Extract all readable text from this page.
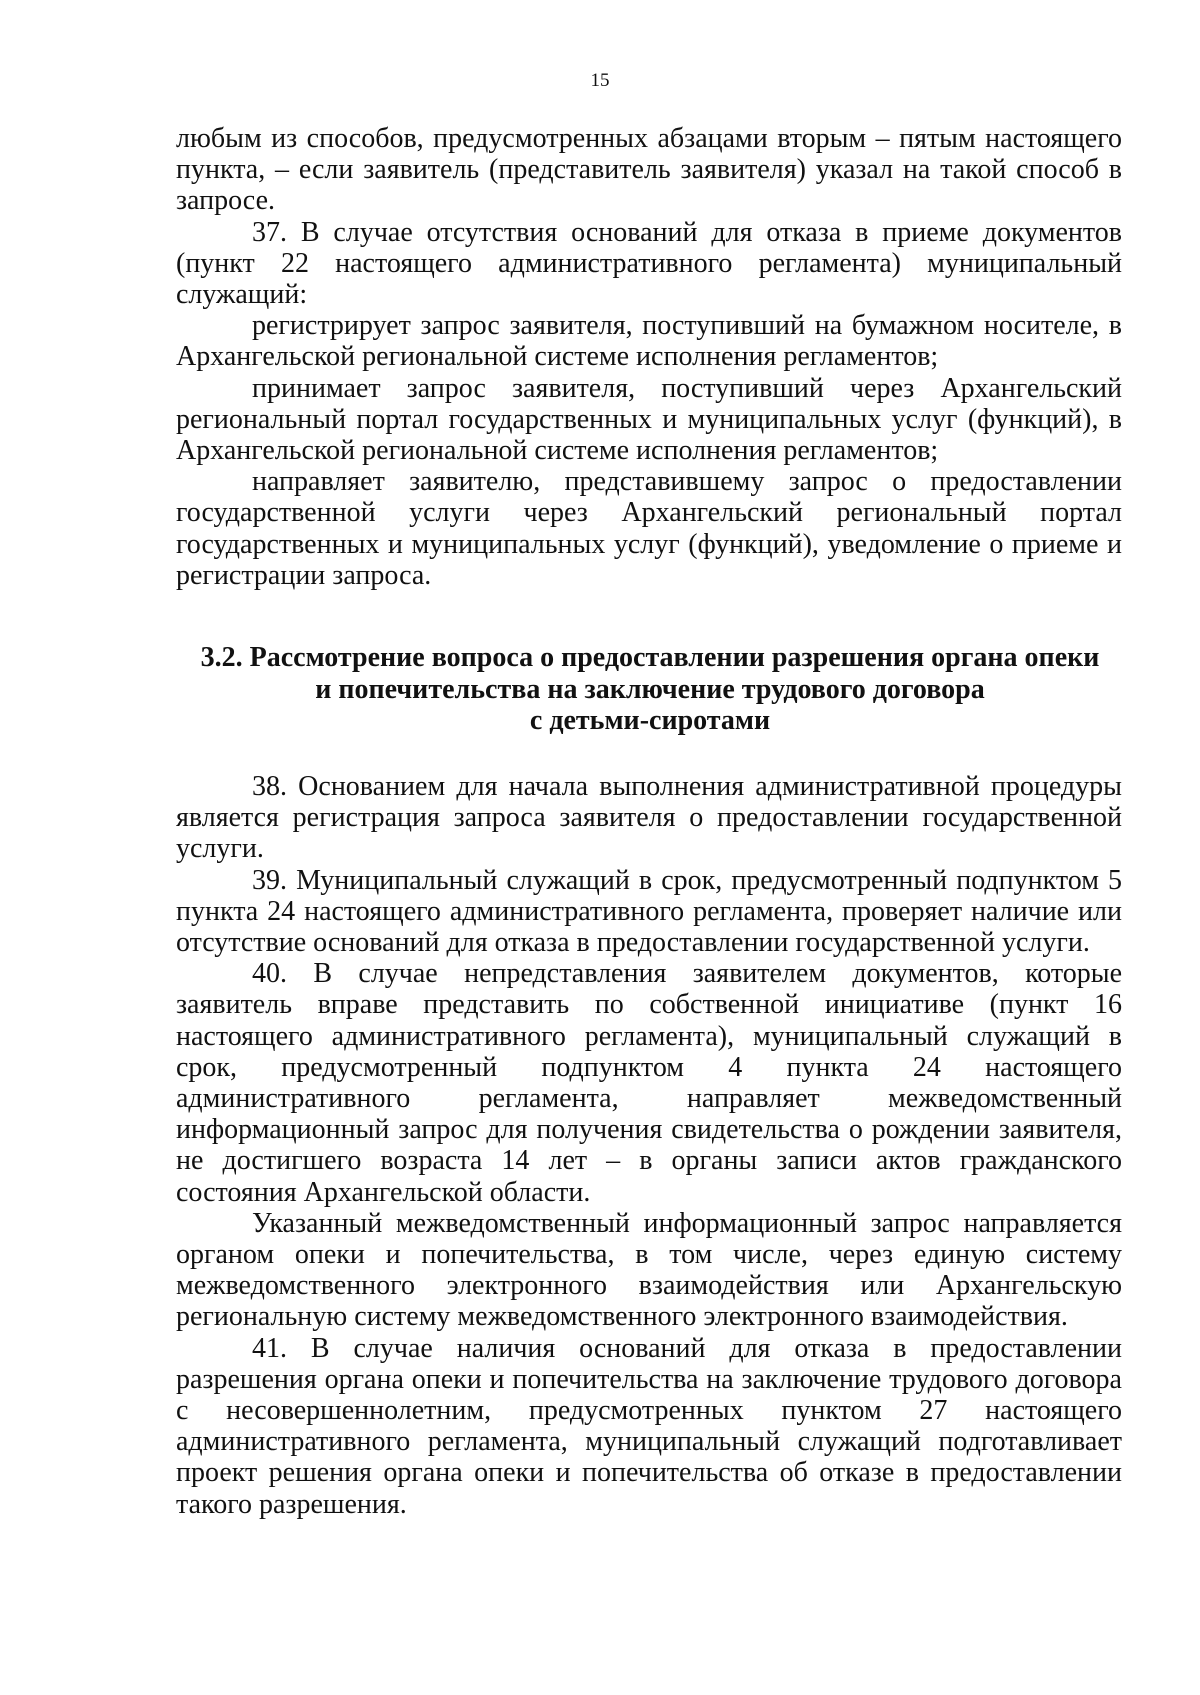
15

любым из способов, предусмотренных абзацами вторым – пятым настоящего пункта, – если заявитель (представитель заявителя) указал на такой способ в запросе.

37. В случае отсутствия оснований для отказа в приеме документов (пункт 22 настоящего административного регламента) муниципальный служащий:

регистрирует запрос заявителя, поступивший на бумажном носителе, в Архангельской региональной системе исполнения регламентов;

принимает запрос заявителя, поступивший через Архангельский региональный портал государственных и муниципальных услуг (функций), в Архангельской региональной системе исполнения регламентов;

направляет заявителю, представившему запрос о предоставлении государственной услуги через Архангельский региональный портал государственных и муниципальных услуг (функций), уведомление о приеме и регистрации запроса.

3.2. Рассмотрение вопроса о предоставлении разрешения органа опеки
и попечительства на заключение трудового договора
с детьми-сиротами

38. Основанием для начала выполнения административной процедуры является регистрация запроса заявителя о предоставлении государственной услуги.

39. Муниципальный служащий в срок, предусмотренный подпунктом 5 пункта 24 настоящего административного регламента, проверяет наличие или отсутствие оснований для отказа в предоставлении государственной услуги.

40. В случае непредставления заявителем документов, которые заявитель вправе представить по собственной инициативе (пункт 16 настоящего административного регламента), муниципальный служащий в срок, предусмотренный подпунктом 4 пункта 24 настоящего административного регламента, направляет межведомственный информационный запрос для получения свидетельства о рождении заявителя, не достигшего возраста 14 лет – в органы записи актов гражданского состояния Архангельской области.

Указанный межведомственный информационный запрос направляется органом опеки и попечительства, в том числе, через единую систему межведомственного электронного взаимодействия или Архангельскую региональную систему межведомственного электронного взаимодействия.

41. В случае наличия оснований для отказа в предоставлении разрешения органа опеки и попечительства на заключение трудового договора с несовершеннолетним, предусмотренных пунктом 27 настоящего административного регламента, муниципальный служащий подготавливает проект решения органа опеки и попечительства об отказе в предоставлении такого разрешения.
